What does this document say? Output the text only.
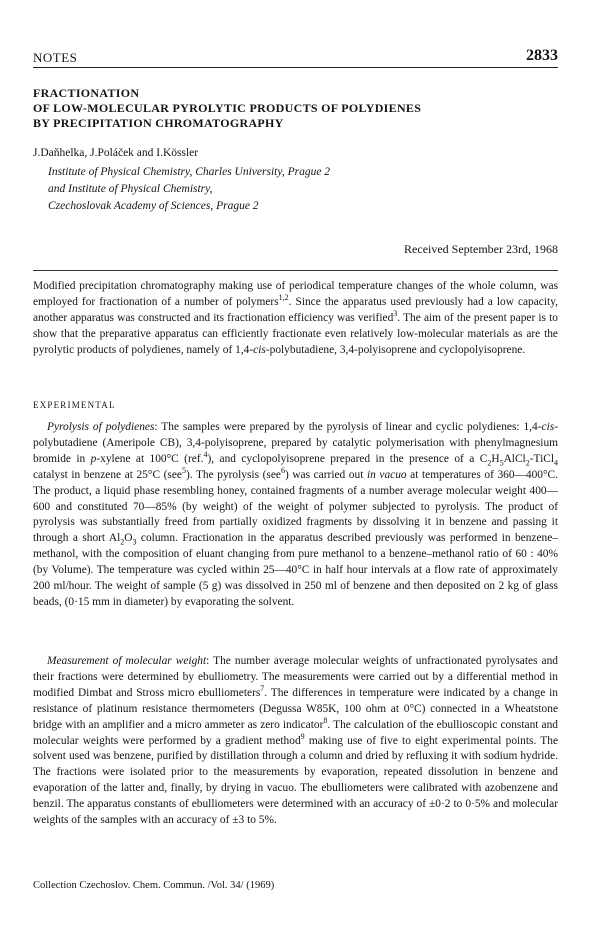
NOTES	2833
FRACTIONATION
OF LOW-MOLECULAR PYROLYTIC PRODUCTS OF POLYDIENES
BY PRECIPITATION CHROMATOGRAPHY
J.Daňhelka, J.Poláček and I.Kössler
Institute of Physical Chemistry, Charles University, Prague 2
and Institute of Physical Chemistry,
Czechoslovak Academy of Sciences, Prague 2
Received September 23rd, 1968

Modified precipitation chromatography making use of periodical temperature changes of the whole column, was employed for fractionation of a number of polymers$^{1,2}$. Since the apparatus used previously had a low capacity, another apparatus was constructed and its fractionation efficiency was verified$^3$. The aim of the present paper is to show that the preparative apparatus can efficiently fractionate even relatively low-molecular materials as are the pyrolytic products of polydienes, namely of 1,4-cis-polybutadiene, 3,4-polyisoprene and cyclopolyisoprene.

EXPERIMENTAL

Pyrolysis of polydienes: The samples were prepared by the pyrolysis of linear and cyclic polydienes: 1,4-cis-polybutadiene (Ameripole CB), 3,4-polyisoprene, prepared by catalytic polymerisation with phenylmagnesium bromide in p-xylene at 100°C (ref.$^4$), and cyclopolyisoprene prepared in the presence of a $C_2H_5AlCl_2-TiCl_4$ catalyst in benzene at 25°C (see$^5$). The pyrolysis (see$^6$) was carried out in vacuo at temperatures of 360—400°C. The product, a liquid phase resembling honey, contained fragments of a number average molecular weight 400—600 and constituted 70—85% (by weight) of the weight of polymer subjected to pyrolysis. The product of pyrolysis was substantially freed from partially oxidized fragments by dissolving it in benzene and passing it through a short $Al_2O_3$ column. Fractionation in the apparatus described previously was performed in benzene–methanol, with the composition of eluant changing from pure methanol to a benzene–methanol ratio of 60 : 40% (by Volume). The temperature was cycled within 25—40°C in half hour intervals at a flow rate of approximately 200 ml/hour. The weight of sample (5 g) was dissolved in 250 ml of benzene and then deposited on 2 kg of glass beads, (0·15 mm in diameter) by evaporating the solvent.

Measurement of molecular weight: The number average molecular weights of unfractionated pyrolysates and their fractions were determined by ebulliometry. The measurements were carried out by a differential method in modified Dimbat and Stross micro ebulliometers$^7$. The differences in temperature were indicated by a change in resistance of platinum resistance thermometers (Degussa W85K, 100 ohm at 0°C) connected in a Wheatstone bridge with an amplifier and a micro ammeter as zero indicator$^8$. The calculation of the ebullioscopic constant and molecular weights were performed by a gradient method$^9$ making use of five to eight experimental points. The solvent used was benzene, purified by distillation through a column and dried by refluxing it with sodium hydride. The fractions were isolated prior to the measurements by evaporation, repeated dissolution in benzene and evaporation of the latter and, finally, by drying in vacuo. The ebulliometers were calibrated with azobenzene and benzil. The apparatus constants of ebulliometers were determined with an accuracy of ±0·2 to 0·5% and molecular weights of the samples with an accuracy of ±3 to 5%.

Collection Czechoslov. Chem. Commun. /Vol. 34/ (1969)
